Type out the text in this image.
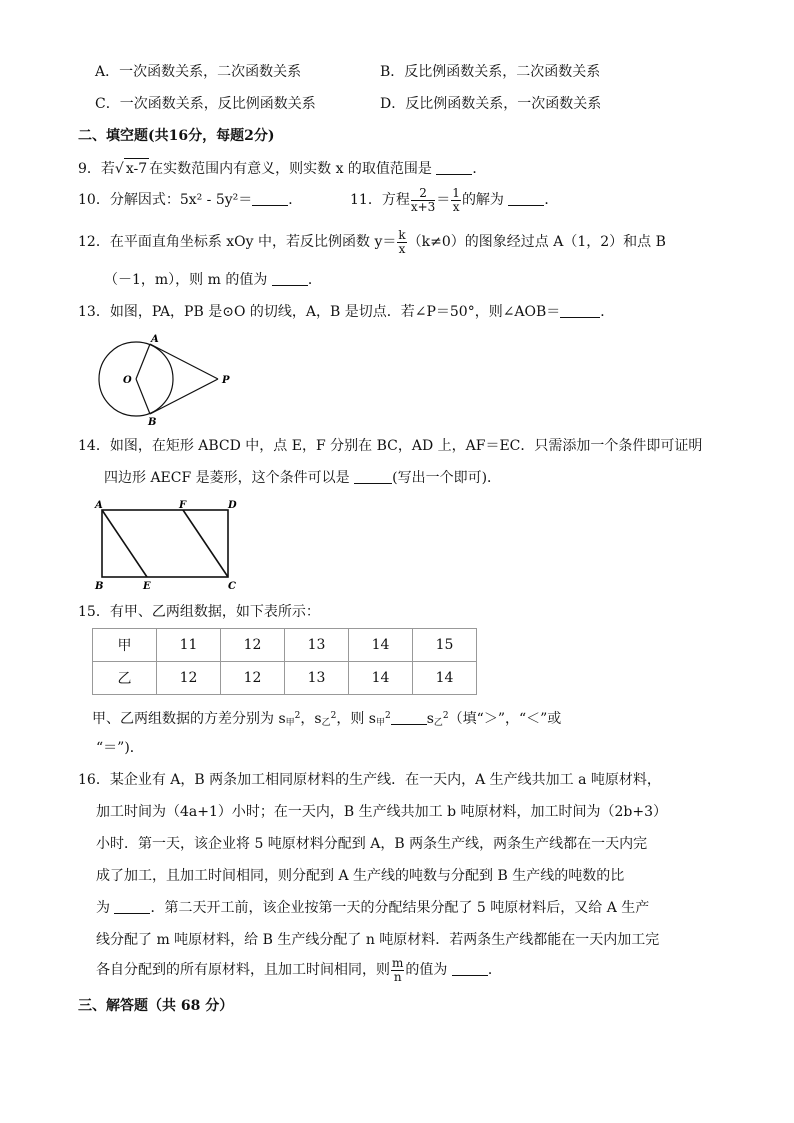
A．一次函数关系，二次函数关系	B．反比例函数关系，二次函数关系
C．一次函数关系，反比例函数关系	D．反比例函数关系，一次函数关系
二、填空题(共16分，每题2分)
9．若√ x-7 在实数范围内有意义，则实数 x 的取值范围是	．
10．分解因式：5x² - 5y²＝	．	11．方程 $\frac{2}{x+3} = \frac{1}{x}$ 的解为	．
12．在平面直角坐标系 xOy 中，若反比例函数 $y= \frac{k}{x} (k\ne 0)$的图象经过点 A（1，2）和点 B
（－1，m），则 m 的值为	．
13．如图，PA，PB 是⊙O 的切线，A，B 是切点．若∠P＝50°，则∠AOB＝	．
A
B
O	P
14．如图，在矩形 ABCD 中，点 E，F 分别在 BC，AD 上，AF＝EC．只需添加一个条件即可证明
四边形 AECF 是菱形，这个条件可以是	(写出一个即可)．
A	F	D
B	E	C
15．有甲、乙两组数据，如下表所示：
甲	11	12	13	14	15
乙	12	12	13	14	14
甲、乙两组数据的方差分别为 $s_甲^2$，$s_乙^2$，则 $s_甲^2$	$s_乙^2$（填“＞”，“＜”或
“＝”)．
16．某企业有 A，B 两条加工相同原材料的生产线．在一天内，A 生产线共加工 a 吨原材料，
加工时间为（4a+1）小时；在一天内，B 生产线共加工 b 吨原材料，加工时间为（2b+3）
小时．第一天，该企业将 5 吨原材料分配到 A，B 两条生产线，两条生产线都在一天内完
成了加工，且加工时间相同，则分配到 A 生产线的吨数与分配到 B 生产线的吨数的比
为	．第二天开工前，该企业按第一天的分配结果分配了 5 吨原材料后，又给 A 生产
线分配了 m 吨原材料，给 B 生产线分配了 n 吨原材料．若两条生产线都能在一天内加工完
各自分配到的所有原材料，且加工时间相同，则 $\frac{m}{n}$ 的值为	．
三、解答题（共 68 分）
